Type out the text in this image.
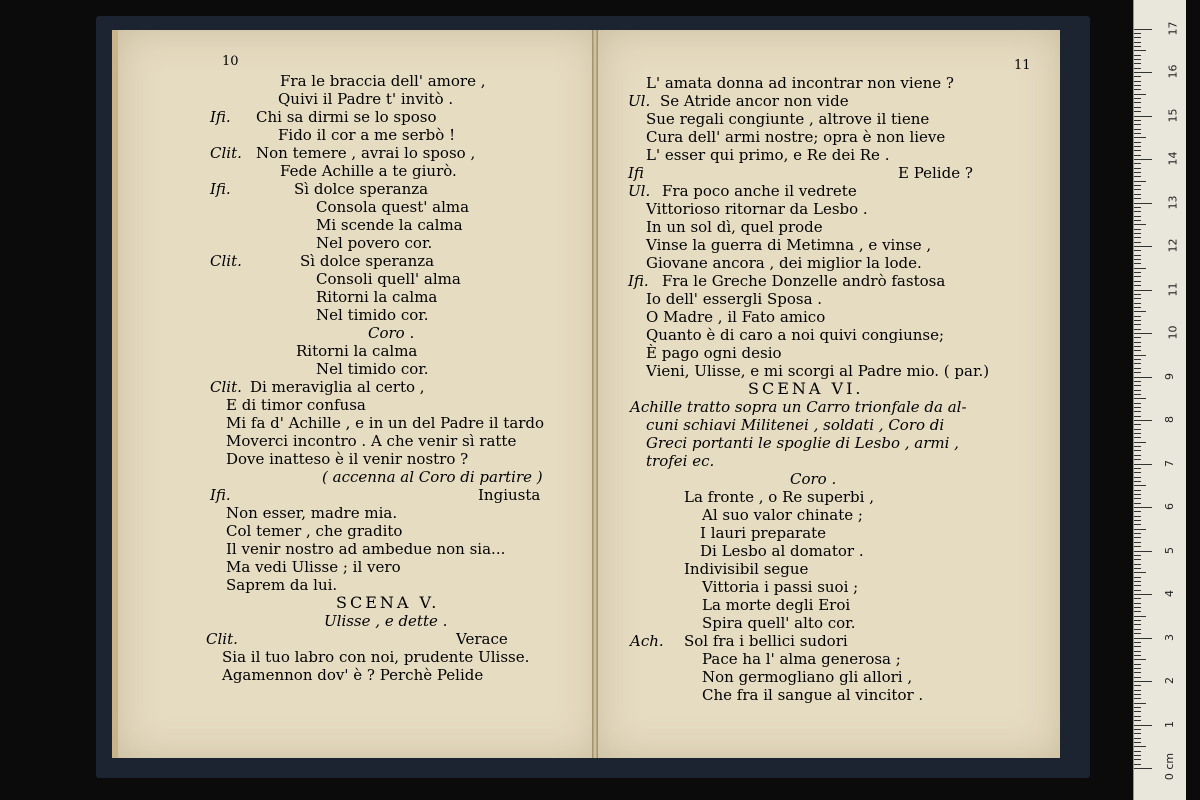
10	11
Fra le braccia dell' amore ,
Quivi il Padre t' invitò .
Ifi. Chi sa dirmi se lo sposo
Fido il cor a me serbò !
Clit. Non temere , avrai lo sposo ,
Fede Achille a te giurò.
Ifi.	Sì dolce speranza
Consola quest' alma
Mi scende la calma
Nel povero cor.
Clit.	Sì dolce speranza
Consoli quell' alma
Ritorni la calma
Nel timido cor.
Coro .
Ritorni la calma
Nel timido cor.
Clit. Di meraviglia al certo ,
E di timor confusa
Mi fa d' Achille , e in un del Padre il tardo
Moverci incontro . A che venir sì ratte
Dove inatteso è il venir nostro ?
( accenna al Coro di partire )
Ifi.	Ingiusta
Non esser, madre mia.
Col temer , che gradito
Il venir nostro ad ambedue non sia...
Ma vedi Ulisse ; il vero
Saprem da lui.
SCENA V.
Ulisse , e dette .
Clit.	Verace
Sia il tuo labro con noi, prudente Ulisse.
Agamennon dov' è ? Perchè Pelide
L' amata donna ad incontrar non viene ?
Ul. Se Atride ancor non vide
Sue regali congiunte , altrove il tiene
Cura dell' armi nostre; opra è non lieve
L' esser qui primo, e Re dei Re .
Ifi	E Pelide ?
Ul. Fra poco anche il vedrete
Vittorioso ritornar da Lesbo .
In un sol dì, quel prode
Vinse la guerra di Metimna , e vinse ,
Giovane ancora , dei miglior la lode.
Ifi. Fra le Greche Donzelle andrò fastosa
Io dell' essergli Sposa .
O Madre , il Fato amico
Quanto è di caro a noi quivi congiunse;
È pago ogni desio
Vieni, Ulisse, e mi scorgi al Padre mio. ( par.)
SCENA VI.
Achille tratto sopra un Carro trionfale da al-
cuni schiavi Militenei , soldati , Coro di
Greci portanti le spoglie di Lesbo , armi ,
trofei ec.
Coro .
La fronte , o Re superbi ,
Al suo valor chinate ;
I lauri preparate
Di Lesbo al domator .
Indivisibil segue
Vittoria i passi suoi ;
La morte degli Eroi
Spira quell' alto cor.
Ach. Sol fra i bellici sudori
Pace ha l' alma generosa ;
Non germogliano gli allori ,
Che fra il sangue al vincitor .
0 cm
1
2
3
4
5
6
7
8
9
10
11
12
13
14
15
16
17
